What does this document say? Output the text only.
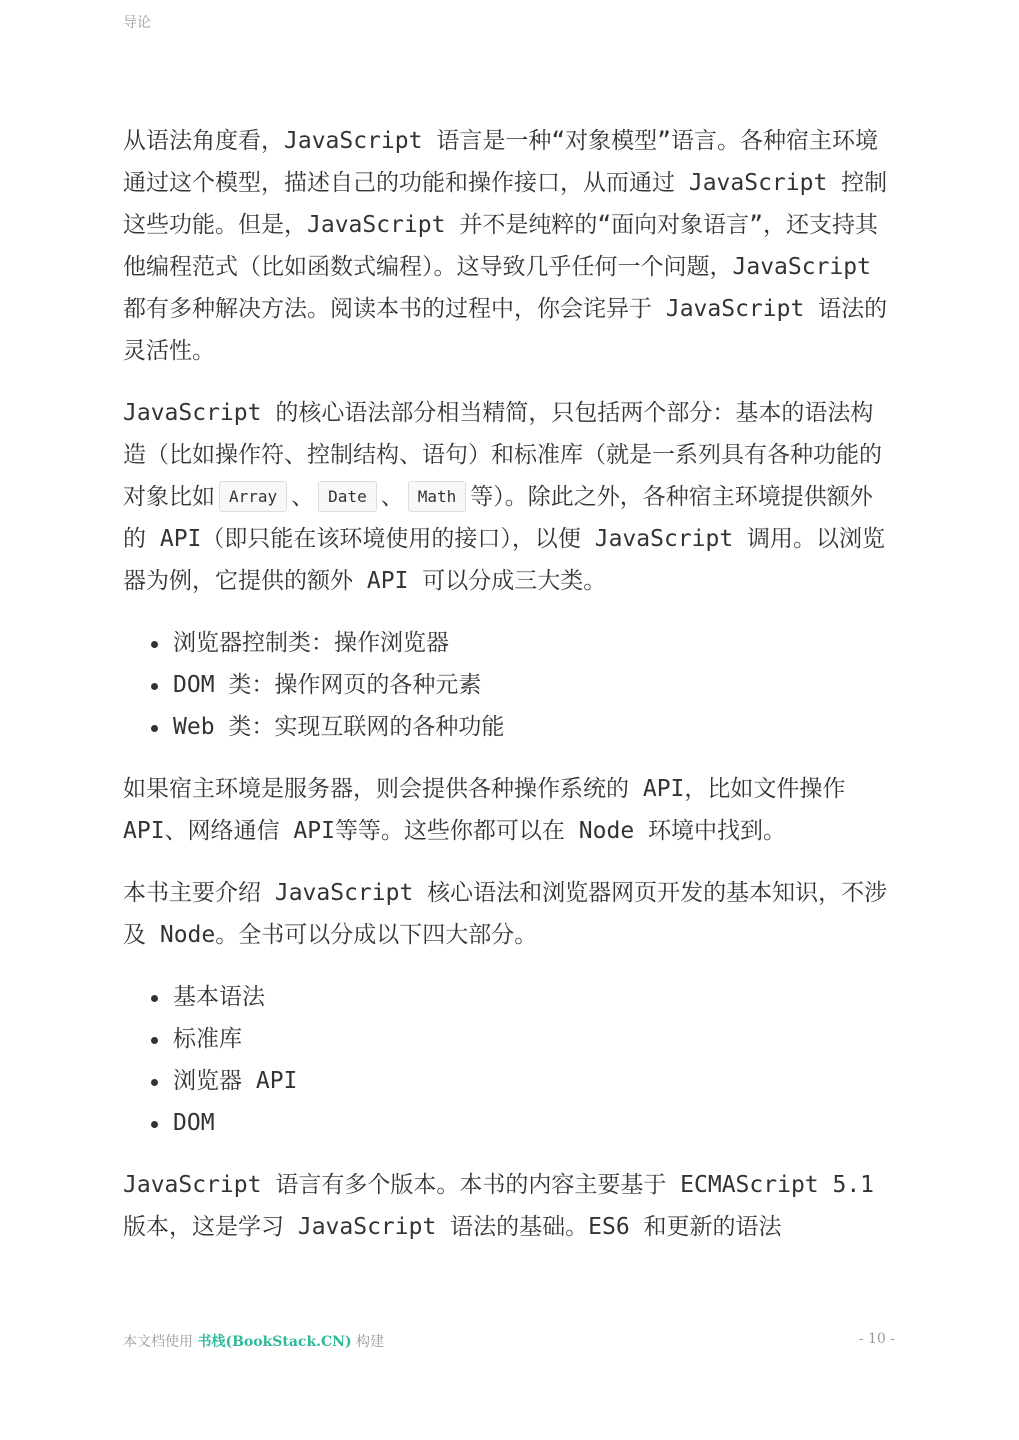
导论

从语法角度看，JavaScript 语言是一种“对象模型”语言。各种宿主环境通过这个模型，描述自己的功能和操作接口，从而通过 JavaScript 控制这些功能。但是，JavaScript 并不是纯粹的“面向对象语言”，还支持其他编程范式（比如函数式编程）。这导致几乎任何一个问题，JavaScript 都有多种解决方法。阅读本书的过程中，你会诧异于 JavaScript 语法的灵活性。

JavaScript 的核心语法部分相当精简，只包括两个部分：基本的语法构造（比如操作符、控制结构、语句）和标准库（就是一系列具有各种功能的对象比如 Array 、 Date 、 Math 等）。除此之外，各种宿主环境提供额外的 API（即只能在该环境使用的接口），以便 JavaScript 调用。以浏览器为例，它提供的额外 API 可以分成三大类。

浏览器控制类：操作浏览器
DOM 类：操作网页的各种元素
Web 类：实现互联网的各种功能

如果宿主环境是服务器，则会提供各种操作系统的 API，比如文件操作 API、网络通信 API等等。这些你都可以在 Node 环境中找到。

本书主要介绍 JavaScript 核心语法和浏览器网页开发的基本知识，不涉及 Node。全书可以分成以下四大部分。

基本语法
标准库
浏览器 API
DOM

JavaScript 语言有多个版本。本书的内容主要基于 ECMAScript 5.1 版本，这是学习 JavaScript 语法的基础。ES6 和更新的语法

本文档使用 书栈(BookStack.CN) 构建	- 10 -
